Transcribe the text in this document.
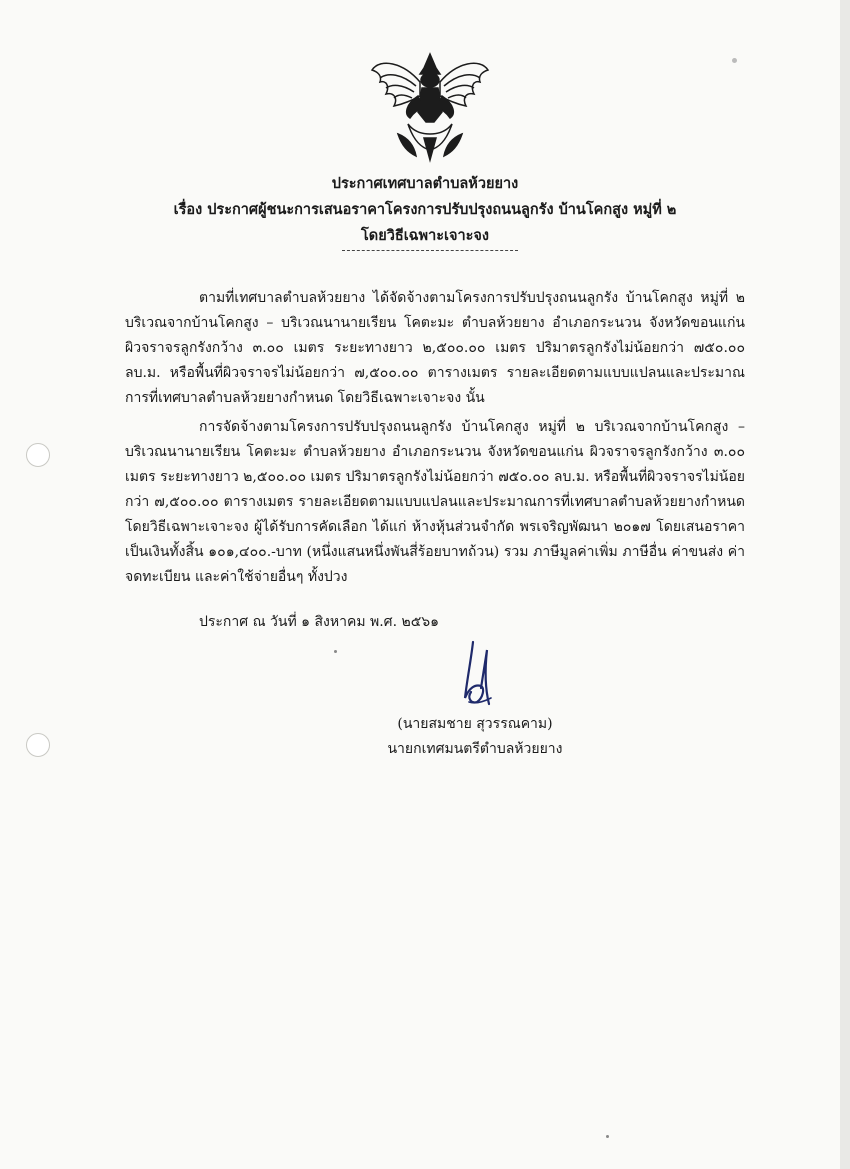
ประกาศเทศบาลตำบลห้วยยาง
เรื่อง ประกาศผู้ชนะการเสนอราคาโครงการปรับปรุงถนนลูกรัง บ้านโคกสูง หมู่ที่ ๒
โดยวิธีเฉพาะเจาะจง

ตามที่เทศบาลตำบลห้วยยาง ได้จัดจ้างตามโครงการปรับปรุงถนนลูกรัง บ้านโคกสูง หมู่ที่ ๒ บริเวณจากบ้านโคกสูง – บริเวณนานายเรียน โคตะมะ ตำบลห้วยยาง อำเภอกระนวน จังหวัดขอนแก่น ผิวจราจรลูกรังกว้าง ๓.๐๐ เมตร ระยะทางยาว ๒,๕๐๐.๐๐ เมตร ปริมาตรลูกรังไม่น้อยกว่า ๗๕๐.๐๐ ลบ.ม. หรือพื้นที่ผิวจราจรไม่น้อยกว่า ๗,๕๐๐.๐๐ ตารางเมตร รายละเอียดตามแบบแปลนและประมาณการที่เทศบาลตำบลห้วยยางกำหนด โดยวิธีเฉพาะเจาะจง นั้น

การจัดจ้างตามโครงการปรับปรุงถนนลูกรัง บ้านโคกสูง หมู่ที่ ๒ บริเวณจากบ้านโคกสูง – บริเวณนานายเรียน โคตะมะ ตำบลห้วยยาง อำเภอกระนวน จังหวัดขอนแก่น ผิวจราจรลูกรังกว้าง ๓.๐๐ เมตร ระยะทางยาว ๒,๕๐๐.๐๐ เมตร ปริมาตรลูกรังไม่น้อยกว่า ๗๕๐.๐๐ ลบ.ม. หรือพื้นที่ผิวจราจรไม่น้อยกว่า ๗,๕๐๐.๐๐ ตารางเมตร รายละเอียดตามแบบแปลนและประมาณการที่เทศบาลตำบลห้วยยางกำหนด โดยวิธีเฉพาะเจาะจง ผู้ได้รับการคัดเลือก ได้แก่ ห้างหุ้นส่วนจำกัด พรเจริญพัฒนา ๒๐๑๗ โดยเสนอราคาเป็นเงินทั้งสิ้น ๑๐๑,๔๐๐.-บาท (หนึ่งแสนหนึ่งพันสี่ร้อยบาทถ้วน) รวม ภาษีมูลค่าเพิ่ม ภาษีอื่น ค่าขนส่ง ค่าจดทะเบียน และค่าใช้จ่ายอื่นๆ ทั้งปวง

ประกาศ ณ วันที่ ๑ สิงหาคม พ.ศ. ๒๕๖๑

(นายสมชาย สุวรรณคาม)
นายกเทศมนตรีตำบลห้วยยาง
